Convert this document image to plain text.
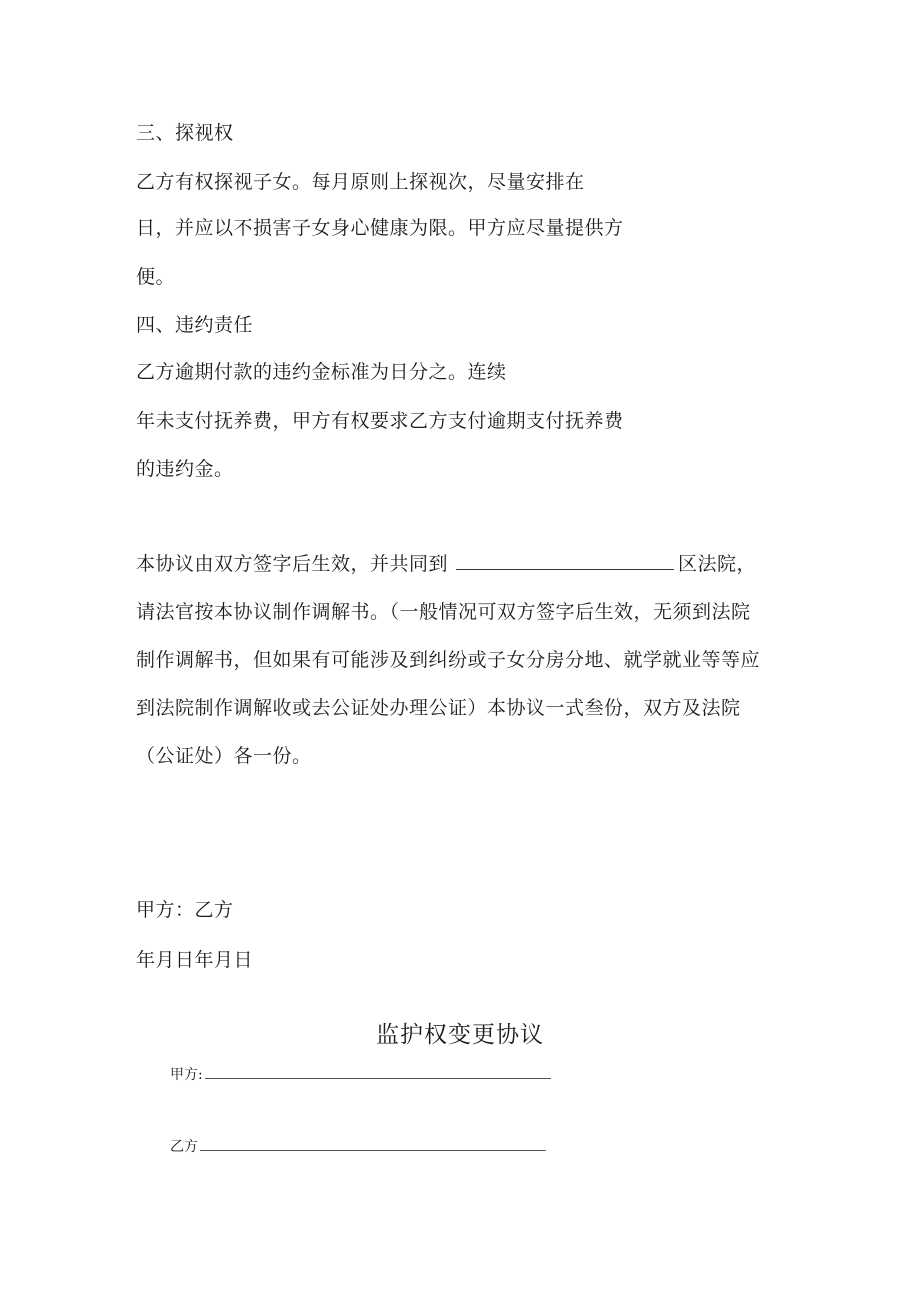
三、探视权
乙方有权探视子女。每月原则上探视次，尽量安排在
日，并应以不损害子女身心健康为限。甲方应尽量提供方
便。
四、违约责任
乙方逾期付款的违约金标准为日分之。连续
年未支付抚养费，甲方有权要求乙方支付逾期支付抚养费
的违约金。
本协议由双方签字后生效，并共同到	区法院，
请法官按本协议制作调解书。（一般情况可双方签字后生效，无须到法院
制作调解书，但如果有可能涉及到纠纷或子女分房分地、就学就业等等应
到法院制作调解收或去公证处办理公证）本协议一式叁份，双方及法院
（公证处）各一份。
甲方：乙方
年月日年月日
监护权变更协议
甲方:
乙方
